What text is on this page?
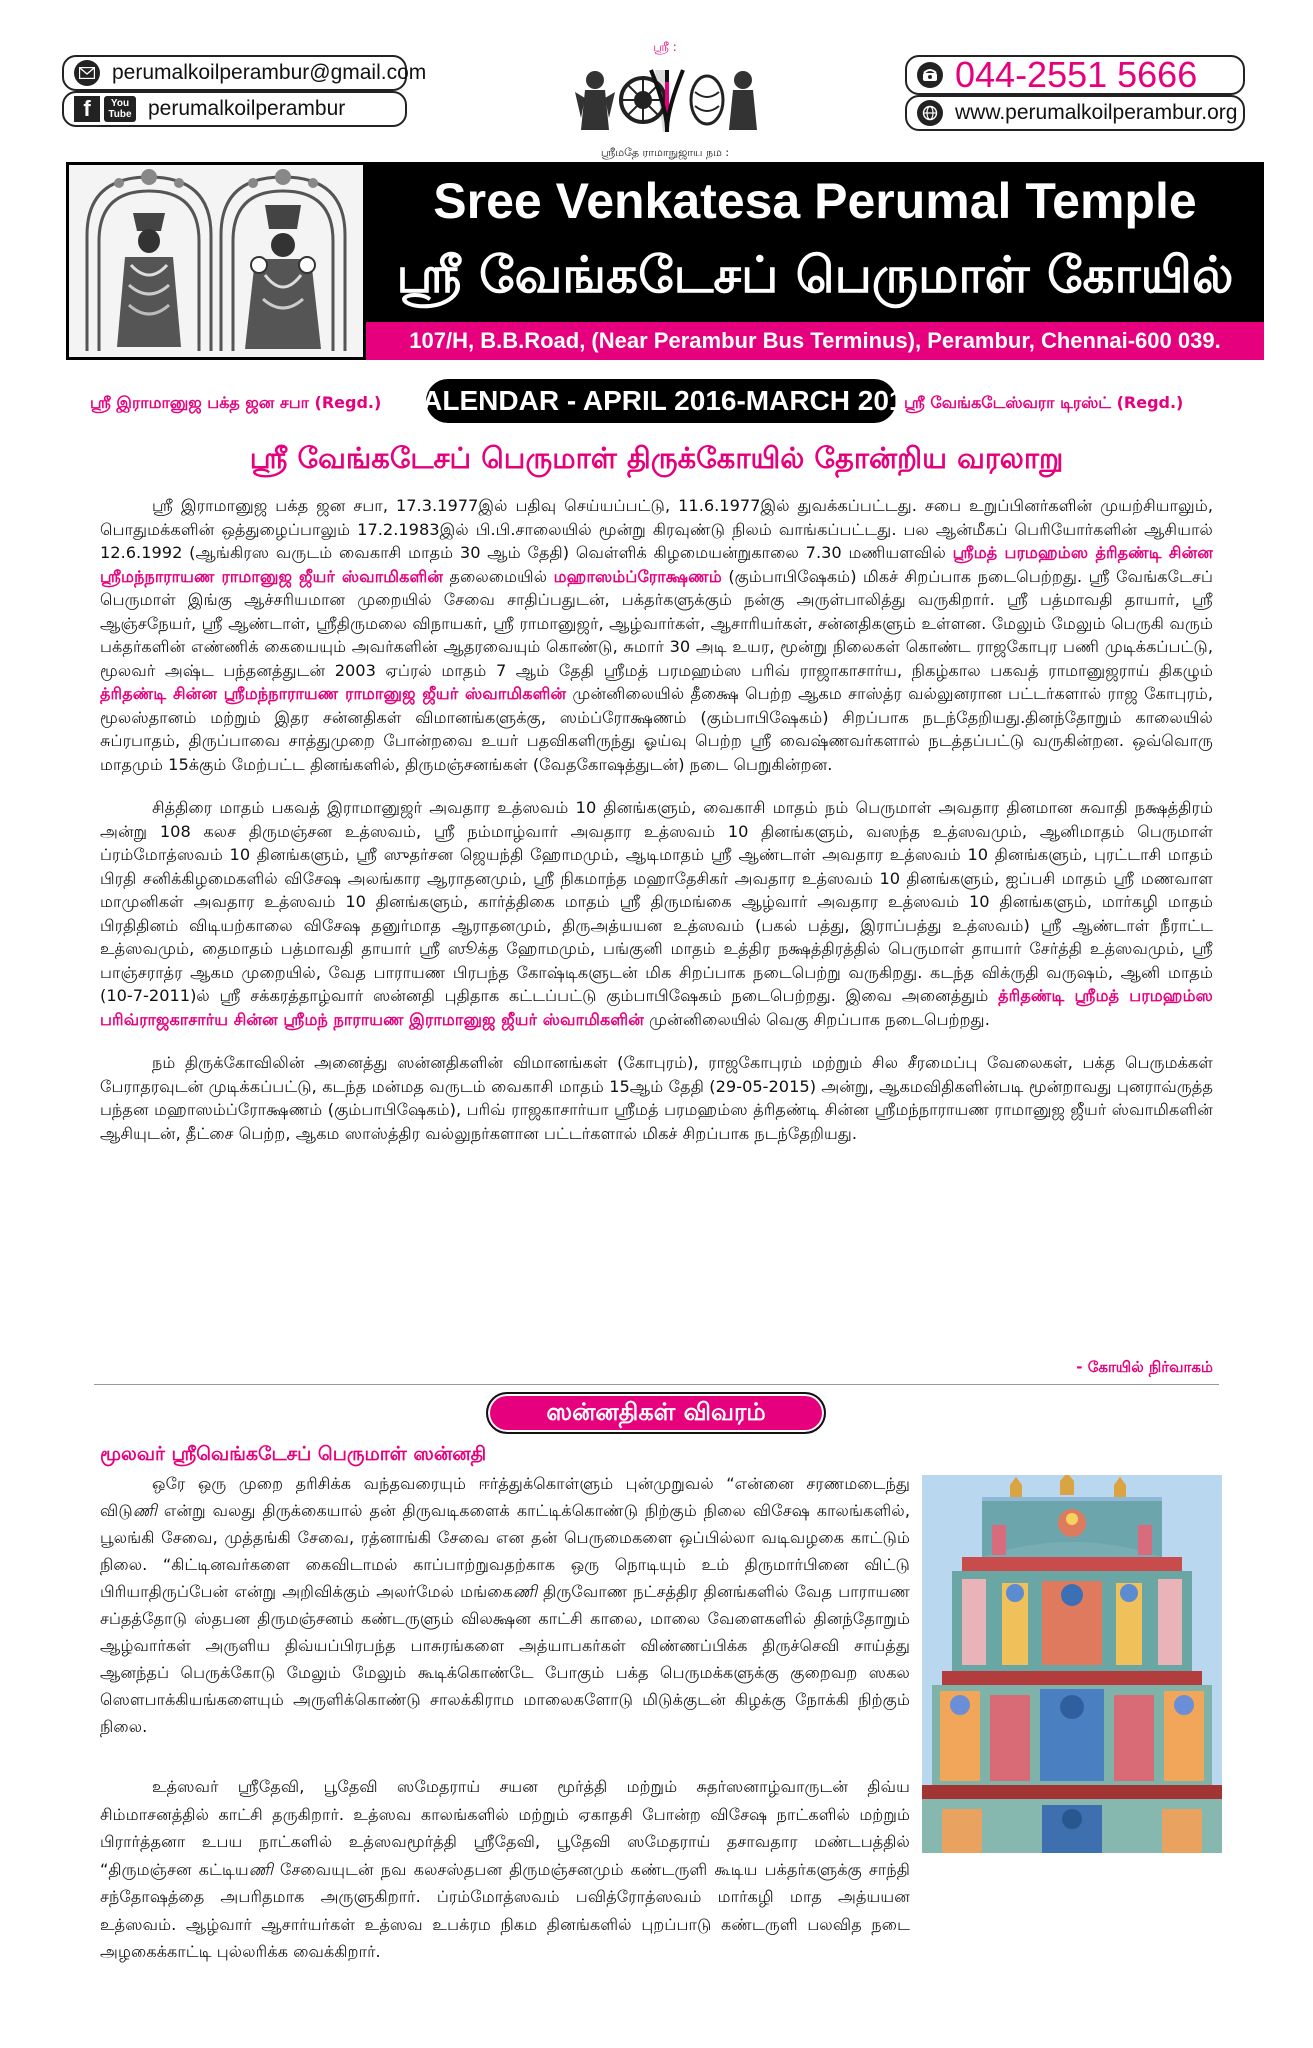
perumalkoilperambur@gmail.com
f	You Tube perumalkoilperambur
ஸ்ரீ :
ஸ்ரீமதே ராமாநுஜாய நம :
044-2551 5666
www.perumalkoilperambur.org
Sree Venkatesa Perumal Temple
ஸ்ரீ வேங்கடேசப் பெருமாள் கோயில்
107/H, B.B.Road, (Near Perambur Bus Terminus), Perambur, Chennai-600 039.
ஸ்ரீ இராமானுஜ பக்த ஜன சபா (Regd.) CALENDAR - APRIL 2016-MARCH 2017
ஸ்ரீ வேங்கடேஸ்வரா டிரஸ்ட் (Regd.)
ஸ்ரீ வேங்கடேசப் பெருமாள் திருக்கோயில் தோன்றிய வரலாறு

ஸ்ரீ இராமானுஜ பக்த ஜன சபா, 17.3.1977இல் பதிவு செய்யப்பட்டு, 11.6.1977இல் துவக்கப்பட்டது. சபை உறுப்பினர்களின் முயற்சியாலும், பொதுமக்களின் ஒத்துழைப்பாலும் 17.2.1983இல் பி.பி.சாலையில் மூன்று கிரவுண்டு நிலம் வாங்கப்பட்டது. பல ஆன்மீகப் பெரியோர்களின் ஆசியால் 12.6.1992 (ஆங்கிரஸ வருடம் வைகாசி மாதம் 30 ஆம் தேதி) வெள்ளிக் கிழமையன்றுகாலை 7.30 மணியளவில் ஸ்ரீமத் பரமஹம்ஸ த்ரிதண்டி சின்ன ஸ்ரீமந்நாராயண ராமானுஜ ஜீயர் ஸ்வாமிகளின் தலைமையில் மஹாஸம்ப்ரோக்ஷணம் (கும்பாபிஷேகம்) மிகச் சிறப்பாக நடைபெற்றது. ஸ்ரீ வேங்கடேசப் பெருமாள் இங்கு ஆச்சரியமான முறையில் சேவை சாதிப்பதுடன், பக்தர்களுக்கும் நன்கு அருள்பாலித்து வருகிறார். ஸ்ரீ பத்மாவதி தாயார், ஸ்ரீ ஆஞ்சநேயர், ஸ்ரீ ஆண்டாள், ஸ்ரீதிருமலை விநாயகர், ஸ்ரீ ராமானுஜர், ஆழ்வார்கள், ஆசாரியர்கள், சன்னதிகளும் உள்ளன. மேலும் மேலும் பெருகி வரும் பக்தர்களின் எண்ணிக் கையையும் அவர்களின் ஆதரவையும் கொண்டு, சுமார் 30 அடி உயர, மூன்று நிலைகள் கொண்ட ராஜகோபுர பணி முடிக்கப்பட்டு, மூலவர் அஷ்ட பந்தனத்துடன் 2003 ஏப்ரல் மாதம் 7 ஆம் தேதி ஸ்ரீமத் பரமஹம்ஸ பரிவ் ராஜாகாசார்ய, நிகழ்கால பகவத் ராமானுஜராய் திகழும் த்ரிதண்டி சின்ன ஸ்ரீமந்நாராயண ராமானுஜ ஜீயர் ஸ்வாமிகளின் முன்னிலையில் தீக்ஷை பெற்ற ஆகம சாஸ்த்ர வல்லுனரான பட்டர்களால் ராஜ கோபுரம், மூலஸ்தானம் மற்றும் இதர சன்னதிகள் விமானங்களுக்கு, ஸம்ப்ரோக்ஷணம் (கும்பாபிஷேகம்) சிறப்பாக நடந்தேறியது.தினந்தோறும் காலையில் சுப்ரபாதம், திருப்பாவை சாத்துமுறை போன்றவை உயர் பதவிகளிருந்து ஓய்வு பெற்ற ஸ்ரீ வைஷ்ணவர்களால் நடத்தப்பட்டு வருகின்றன. ஒவ்வொரு மாதமும் 15க்கும் மேற்பட்ட தினங்களில், திருமஞ்சனங்கள் (வேதகோஷத்துடன்) நடை பெறுகின்றன.

சித்திரை மாதம் பகவத் இராமானுஜர் அவதார உத்ஸவம் 10 தினங்களும், வைகாசி மாதம் நம் பெருமாள் அவதார தினமான சுவாதி நக்ஷத்திரம் அன்று 108 கலச திருமஞ்சன உத்ஸவம், ஸ்ரீ நம்மாழ்வார் அவதார உத்ஸவம் 10 தினங்களும், வஸந்த உத்ஸவமும், ஆனிமாதம் பெருமாள் ப்ரம்மோத்ஸவம் 10 தினங்களும், ஸ்ரீ ஸுதர்சன ஜெயந்தி ஹோமமும், ஆடிமாதம் ஸ்ரீ ஆண்டாள் அவதார உத்ஸவம் 10 தினங்களும், புரட்டாசி மாதம் பிரதி சனிக்கிழமைகளில் விசேஷ அலங்கார ஆராதனமும், ஸ்ரீ நிகமாந்த மஹாதேசிகர் அவதார உத்ஸவம் 10 தினங்களும், ஐப்பசி மாதம் ஸ்ரீ மணவாள மாமுனிகள் அவதார உத்ஸவம் 10 தினங்களும், கார்த்திகை மாதம் ஸ்ரீ திருமங்கை ஆழ்வார் அவதார உத்ஸவம் 10 தினங்களும், மார்கழி மாதம் பிரதிதினம் விடியற்காலை விசேஷ தனுர்மாத ஆராதனமும், திருஅத்யயன உத்ஸவம் (பகல் பத்து, இராப்பத்து உத்ஸவம்) ஸ்ரீ ஆண்டாள் நீராட்ட உத்ஸவமும், தைமாதம் பத்மாவதி தாயார் ஸ்ரீ ஸூக்த ஹோமமும், பங்குனி மாதம் உத்திர நக்ஷத்திரத்தில் பெருமாள் தாயார் சேர்த்தி உத்ஸவமும், ஸ்ரீ பாஞ்சராத்ர ஆகம முறையில், வேத பாராயண பிரபந்த கோஷ்டிகளுடன் மிக சிறப்பாக நடைபெற்று வருகிறது. கடந்த விக்ருதி வருஷம், ஆனி மாதம் (10-7-2011)ல் ஸ்ரீ சக்கரத்தாழ்வார் ஸன்னதி புதிதாக கட்டப்பட்டு கும்பாபிஷேகம் நடைபெற்றது. இவை அனைத்தும் த்ரிதண்டி ஸ்ரீமத் பரமஹம்ஸ பரிவ்ராஜகாசார்ய சின்ன ஸ்ரீமந் நாராயண இராமானுஜ ஜீயர் ஸ்வாமிகளின் முன்னிலையில் வெகு சிறப்பாக நடைபெற்றது.

நம் திருக்கோவிலின் அனைத்து ஸன்னதிகளின் விமானங்கள் (கோபுரம்), ராஜகோபுரம் மற்றும் சில சீரமைப்பு வேலைகள், பக்த பெருமக்கள் பேராதரவுடன் முடிக்கப்பட்டு, கடந்த மன்மத வருடம் வைகாசி மாதம் 15ஆம் தேதி (29-05-2015) அன்று, ஆகமவிதிகளின்படி மூன்றாவது புனராவ்ருத்த பந்தன மஹாஸம்ப்ரோக்ஷணம் (கும்பாபிஷேகம்), பரிவ் ராஜகாசார்யா ஸ்ரீமத் பரமஹம்ஸ த்ரிதண்டி சின்ன ஸ்ரீமந்நாராயண ராமானுஜ ஜீயர் ஸ்வாமிகளின் ஆசியுடன், தீட்சை பெற்ற, ஆகம ஸாஸ்த்திர வல்லுநர்களான பட்டர்களால் மிகச் சிறப்பாக நடந்தேறியது.

- கோயில் நிர்வாகம்
ஸன்னதிகள் விவரம்
மூலவர் ஸ்ரீவெங்கடேசப் பெருமாள் ஸன்னதி

ஒரே ஒரு முறை தரிசிக்க வந்தவரையும் ஈர்த்துக்கொள்ளும் புன்முறுவல் “என்னை சரணமடைந்து விடுணி என்று வலது திருக்கையால் தன் திருவடிகளைக் காட்டிக்கொண்டு நிற்கும் நிலை விசேஷ காலங்களில், பூலங்கி சேவை, முத்தங்கி சேவை, ரத்னாங்கி சேவை என தன் பெருமைகளை ஒப்பில்லா வடிவழகை காட்டும் நிலை. “கிட்டினவர்களை கைவிடாமல் காப்பாற்றுவதற்காக ஒரு நொடியும் உம் திருமார்பினை விட்டு பிரியாதிருப்பேன் என்று அறிவிக்கும் அலர்மேல் மங்கைணி திருவோண நட்சத்திர தினங்களில் வேத பாராயண சப்தத்தோடு ஸ்தபன திருமஞ்சனம் கண்டருளும் விலக்ஷன காட்சி காலை, மாலை வேளைகளில் தினந்தோறும் ஆழ்வார்கள் அருளிய திவ்யப்பிரபந்த பாசுரங்களை அத்யாபகர்கள் விண்ணப்பிக்க திருச்செவி சாய்த்து ஆனந்தப் பெருக்கோடு மேலும் மேலும் கூடிக்கொண்டே போகும் பக்த பெருமக்களுக்கு குறைவற ஸகல ஸௌபாக்கியங்களையும் அருளிக்கொண்டு சாலக்கிராம மாலைகளோடு மிடுக்குடன் கிழக்கு நோக்கி நிற்கும் நிலை.

உத்ஸவர் ஸ்ரீதேவி, பூதேவி ஸமேதராய் சயன மூர்த்தி மற்றும் சுதர்ஸனாழ்வாருடன் திவ்ய சிம்மாசனத்தில் காட்சி தருகிறார். உத்ஸவ காலங்களில் மற்றும் ஏகாதசி போன்ற விசேஷ நாட்களில் மற்றும் பிரார்த்தனா உபய நாட்களில் உத்ஸவமூர்த்தி ஸ்ரீதேவி, பூதேவி ஸமேதராய் தசாவதார மண்டபத்தில் “திருமஞ்சன கட்டியணி சேவையுடன் நவ கலசஸ்தபன திருமஞ்சனமும் கண்டருளி கூடிய பக்தர்களுக்கு சாந்தி சந்தோஷத்தை அபரிதமாக அருளுகிறார். ப்ரம்மோத்ஸவம் பவித்ரோத்ஸவம் மார்கழி மாத அத்யயன உத்ஸவம். ஆழ்வார் ஆசார்யர்கள் உத்ஸவ உபக்ரம நிகம தினங்களில் புறப்பாடு கண்டருளி பலவித நடை அழகைக்காட்டி புல்லரிக்க வைக்கிறார்.
